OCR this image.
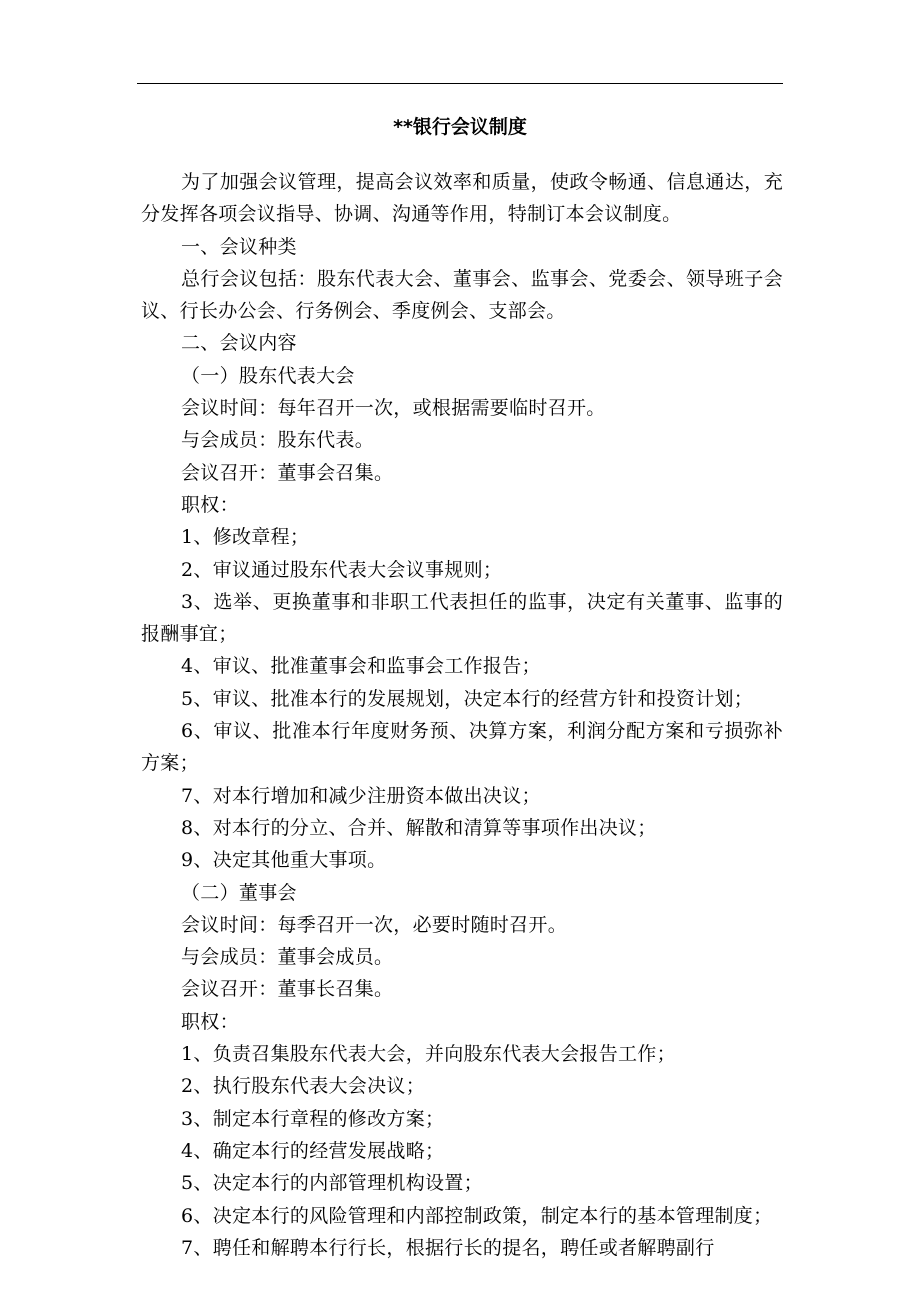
**银行会议制度

为了加强会议管理，提高会议效率和质量，使政令畅通、信息通达，充分发挥各项会议指导、协调、沟通等作用，特制订本会议制度。

一、会议种类

总行会议包括：股东代表大会、董事会、监事会、党委会、领导班子会议、行长办公会、行务例会、季度例会、支部会。

二、会议内容

（一）股东代表大会

会议时间：每年召开一次，或根据需要临时召开。

与会成员：股东代表。

会议召开：董事会召集。

职权：

1、修改章程；

2、审议通过股东代表大会议事规则；

3、选举、更换董事和非职工代表担任的监事，决定有关董事、监事的报酬事宜；

4、审议、批准董事会和监事会工作报告；

5、审议、批准本行的发展规划，决定本行的经营方针和投资计划；

6、审议、批准本行年度财务预、决算方案，利润分配方案和亏损弥补方案；

7、对本行增加和减少注册资本做出决议；

8、对本行的分立、合并、解散和清算等事项作出决议；

9、决定其他重大事项。

（二）董事会

会议时间：每季召开一次，必要时随时召开。

与会成员：董事会成员。

会议召开：董事长召集。

职权：

1、负责召集股东代表大会，并向股东代表大会报告工作；

2、执行股东代表大会决议；

3、制定本行章程的修改方案；

4、确定本行的经营发展战略；

5、决定本行的内部管理机构设置；

6、决定本行的风险管理和内部控制政策，制定本行的基本管理制度；

7、聘任和解聘本行行长，根据行长的提名，聘任或者解聘副行
